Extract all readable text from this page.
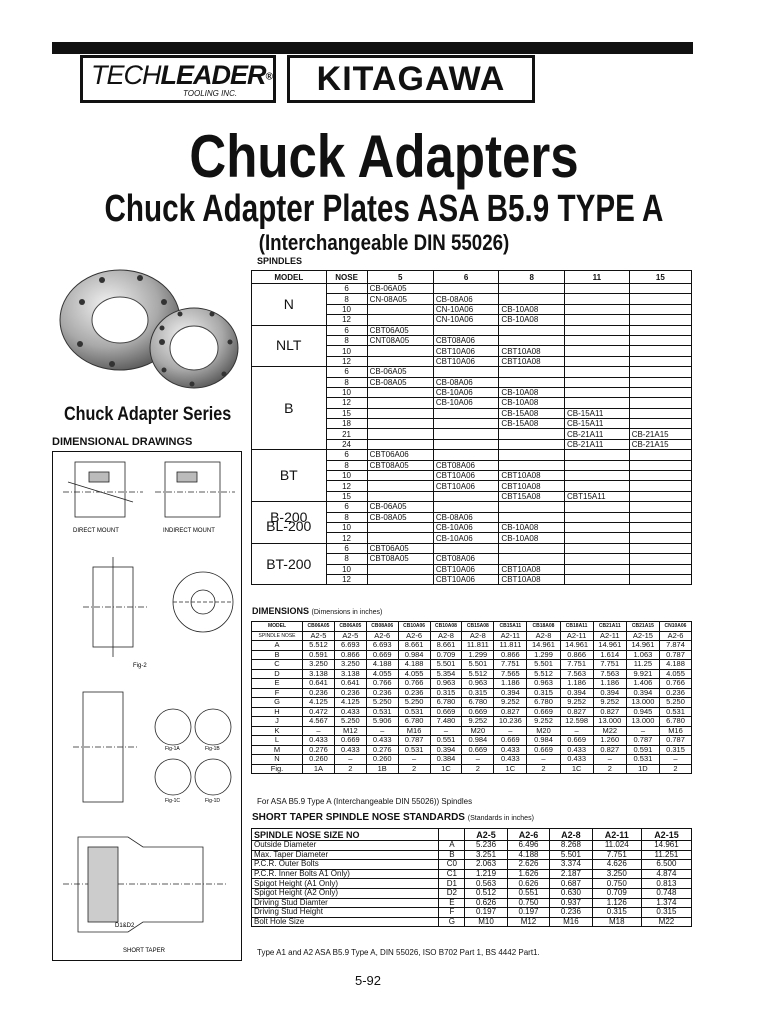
TECHLEADER®
TOOLING INC.	KITAGAWA
Chuck Adapters
Chuck Adapter Plates ASA B5.9 TYPE A
(Interchangeable DIN 55026)
Chuck Adapter Series
DIMENSIONAL DRAWINGS
DIRECT MOUNT	INDIRECT MOUNT
Fig-2
Fig-1A	Fig-1B
Fig-1C	Fig-1D
D1&D2
SHORT TAPER
SPINDLES
MODEL	NOSE	5	6	8	11	15
N	6	CB-06A05				
	8	CN-08A05	CB-08A06			
	10		CN-10A06	CB-10A08		
	12		CN-10A06	CB-10A08		
NLT	6	CBT06A05				
	8	CNT08A05	CBT08A06			
	10		CBT10A06	CBT10A08		
	12		CBT10A06	CBT10A08		
B	6	CB-06A05				
	8	CB-08A05	CB-08A06			
	10		CB-10A06	CB-10A08		
	12		CB-10A06	CB-10A08		
	15			CB-15A08	CB-15A11	
	18			CB-15A08	CB-15A11	
	21				CB-21A11	CB-21A15
	24				CB-21A11	CB-21A15
BT	6	CBT06A06				
	8	CBT08A05	CBT08A06			
	10		CBT10A06	CBT10A08		
	12		CBT10A06	CBT10A08		
	15			CBT15A08	CBT15A11	
B-200
BL-200	6	CB-06A05				
	8	CB-08A05	CB-08A06			
	10		CB-10A06	CB-10A08		
	12		CB-10A06	CB-10A08		
BT-200	6	CBT06A05				
	8	CBT08A05	CBT08A06			
	10		CBT10A06	CBT10A08		
	12		CBT10A06	CBT10A08		
DIMENSIONS (Dimensions in inches)
MODEL	CB06A05	CB06A05	CB08A06	CB10A06	CB10A08	CB15A08	CB15A11	CB18A08	CB18A11	CB21A11	CB21A15	CN10A06
SPINDLE NOSE	A2-5	A2-5	A2-6	A2-6	A2-8	A2-8	A2-11	A2-8	A2-11	A2-11	A2-15	A2-6
A	5.512	6.693	6.693	8.661	8.661	11.811	11.811	14.961	14.961	14.961	14.961	7.874
B	0.591	0.866	0.669	0.984	0.709	1.299	0.866	1.299	0.866	1.614	1.063	0.787
C	3.250	3.250	4.188	4.188	5.501	5.501	7.751	5.501	7.751	7.751	11.25	4.188
D	3.138	3.138	4.055	4.055	5.354	5.512	7.565	5.512	7.563	7.563	9.921	4.055
E	0.641	0.641	0.766	0.766	0.963	0.963	1.186	0.963	1.186	1.186	1.406	0.766
F	0.236	0.236	0.236	0.236	0.315	0.315	0.394	0.315	0.394	0.394	0.394	0.236
G	4.125	4.125	5.250	5.250	6.780	6.780	9.252	6.780	9.252	9.252	13.000	5.250
H	0.472	0.433	0.531	0.531	0.669	0.669	0.827	0.669	0.827	0.827	0.945	0.531
J	4.567	5.250	5.906	6.780	7.480	9.252	10.236	9.252	12.598	13.000	13.000	6.780
K	–	M12	–	M16	–	M20	–	M20	–	M22	–	M16
L	0.433	0.669	0.433	0.787	0.551	0.984	0.669	0.984	0.669	1.260	0.787	0.787
M	0.276	0.433	0.276	0.531	0.394	0.669	0.433	0.669	0.433	0.827	0.591	0.315
N	0.260	–	0.260	–	0.384	–	0.433	–	0.433	–	0.531	–
Fig.	1A	2	1B	2	1C	2	1C	2	1C	2	1D	2
For ASA B5.9 Type A (Interchangeable DIN 55026)) Spindles
SHORT TAPER SPINDLE NOSE STANDARDS (Standards in inches)
SPINDLE NOSE SIZE NO		A2-5	A2-6	A2-8	A2-11	A2-15
Outside Diameter	A	5.236	6.496	8.268	11.024	14.961
Max. Taper Diameter	B	3.251	4.188	5.501	7.751	11.251
P.C.R. Outer Bolts	C0	2.063	2.626	3.374	4.626	6.500
P.C.R. Inner Bolts A1 Only)	C1	1.219	1.626	2.187	3.250	4.874
Spigot Height (A1 Only)	D1	0.563	0.626	0.687	0.750	0.813
Spigot Height (A2 Only)	D2	0.512	0.551	0.630	0.709	0.748
Driving Stud Diamter	E	0.626	0.750	0.937	1.126	1.374
Driving Stud Height	F	0.197	0.197	0.236	0.315	0.315
Bolt Hole Size	G	M10	M12	M16	M18	M22
Type A1 and A2 ASA B5.9 Type A, DIN 55026, ISO B702 Part 1, BS 4442 Part1.
5-92
